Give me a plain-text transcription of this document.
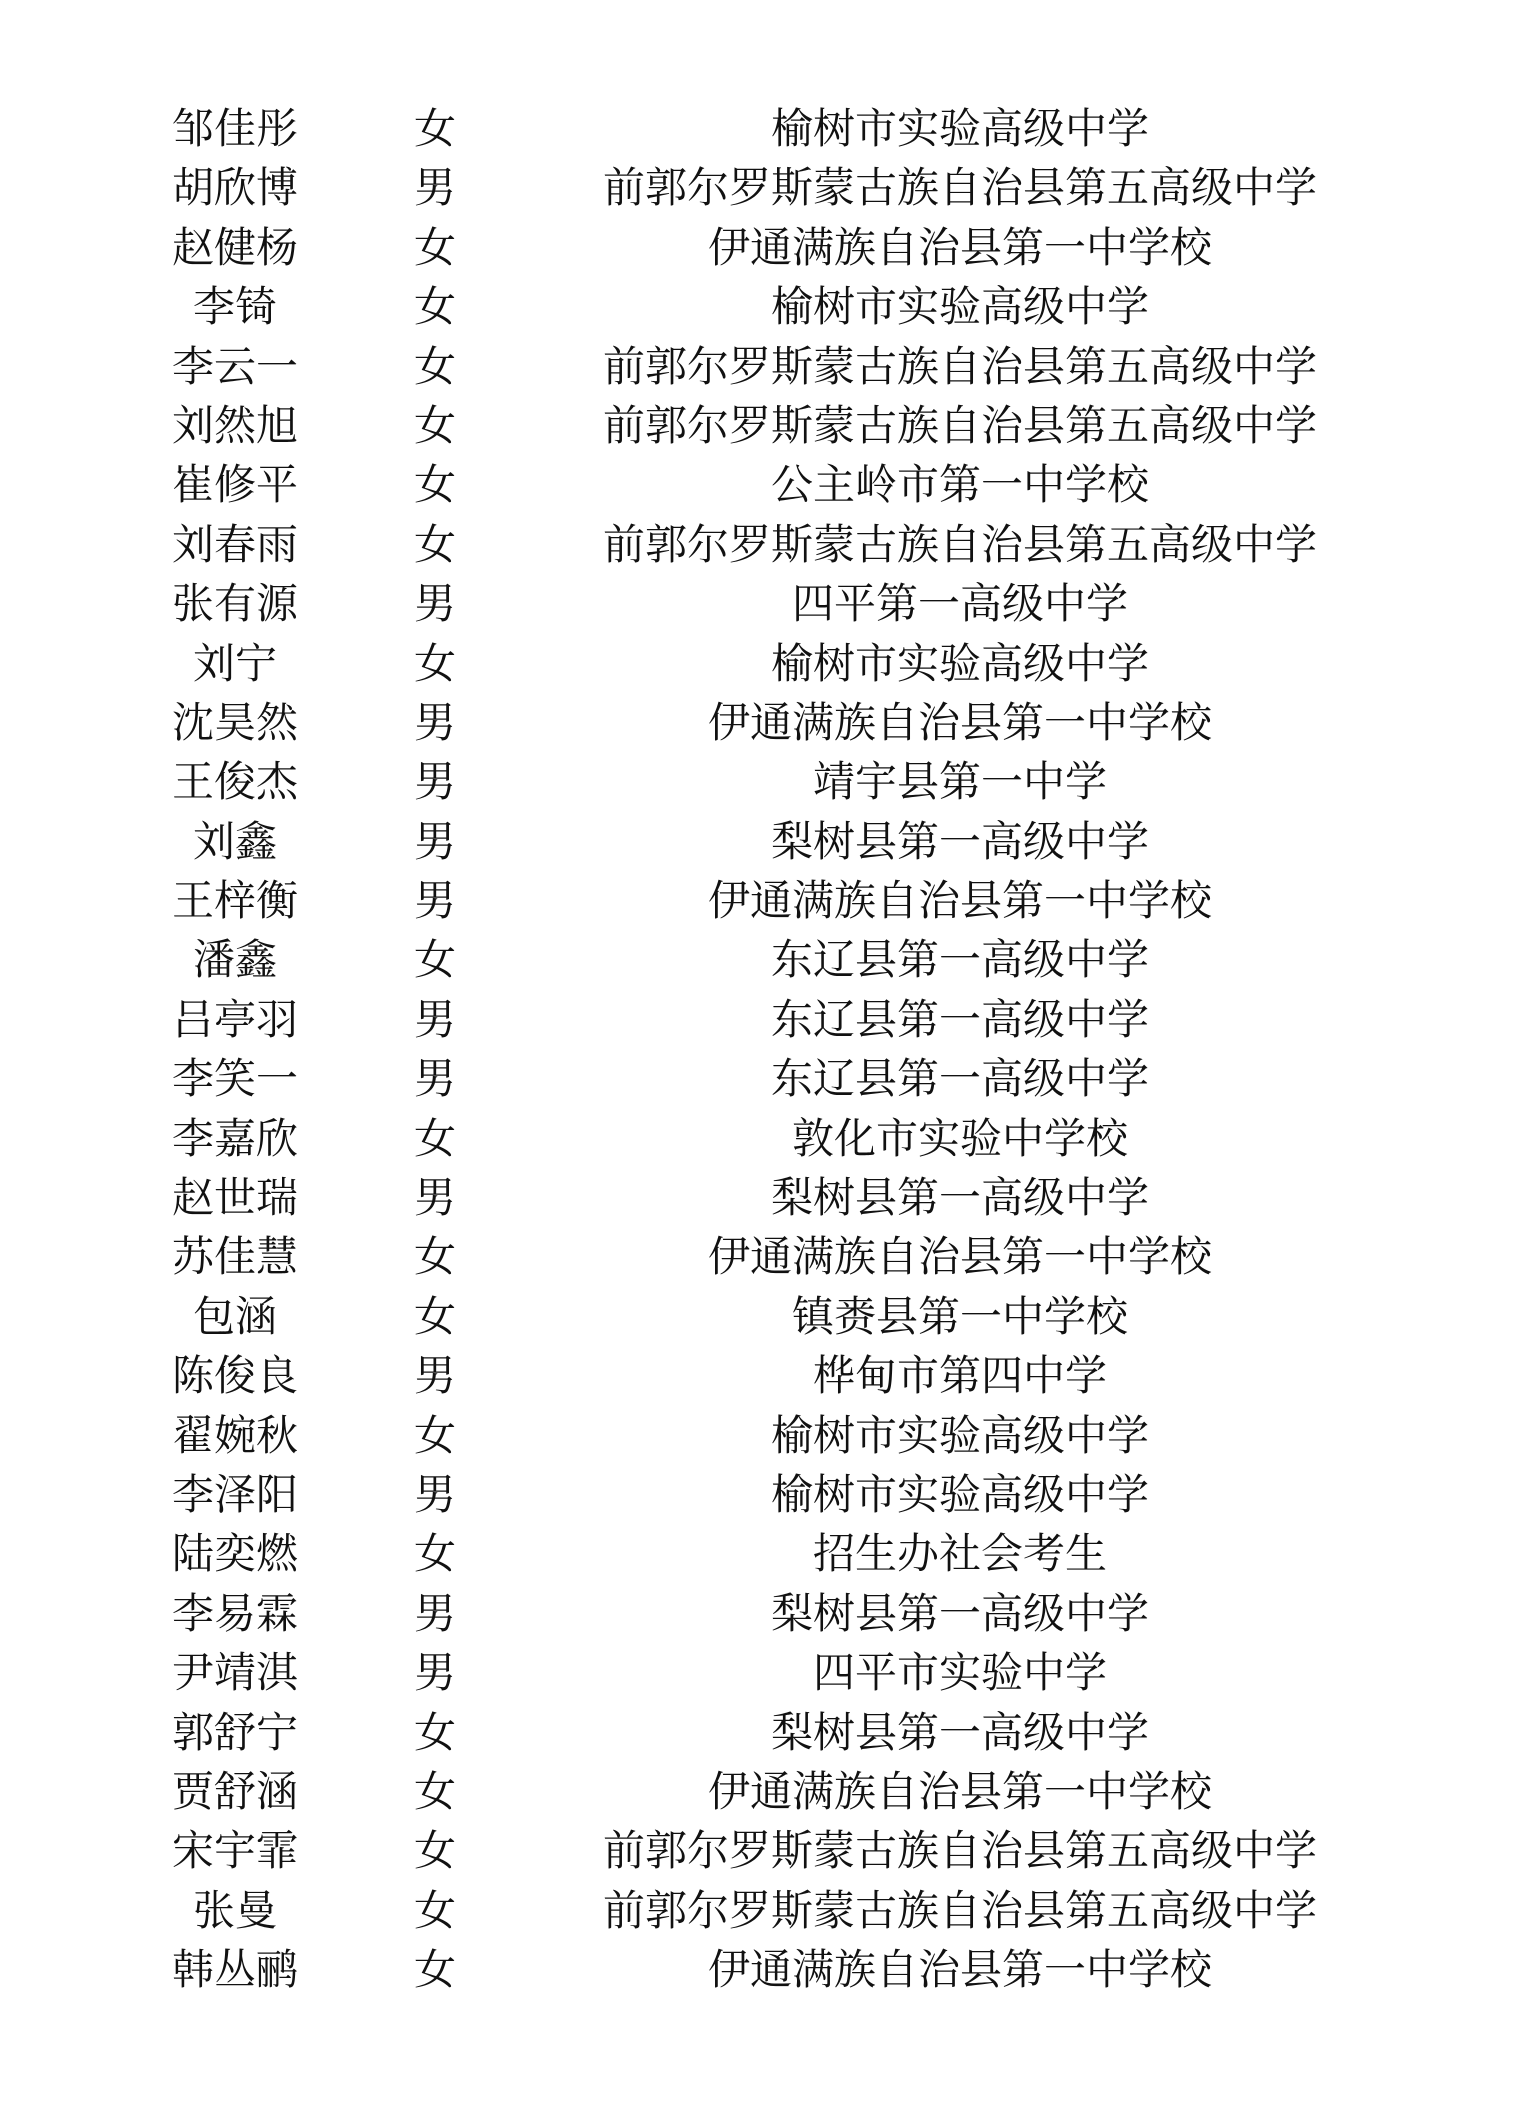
邹佳彤	女	榆树市实验高级中学
胡欣博	男	前郭尔罗斯蒙古族自治县第五高级中学
赵健杨	女	伊通满族自治县第一中学校
李锜	女	榆树市实验高级中学
李云一	女	前郭尔罗斯蒙古族自治县第五高级中学
刘然旭	女	前郭尔罗斯蒙古族自治县第五高级中学
崔修平	女	公主岭市第一中学校
刘春雨	女	前郭尔罗斯蒙古族自治县第五高级中学
张有源	男	四平第一高级中学
刘宁	女	榆树市实验高级中学
沈昊然	男	伊通满族自治县第一中学校
王俊杰	男	靖宇县第一中学
刘鑫	男	梨树县第一高级中学
王梓衡	男	伊通满族自治县第一中学校
潘鑫	女	东辽县第一高级中学
吕亭羽	男	东辽县第一高级中学
李笑一	男	东辽县第一高级中学
李嘉欣	女	敦化市实验中学校
赵世瑞	男	梨树县第一高级中学
苏佳慧	女	伊通满族自治县第一中学校
包涵	女	镇赉县第一中学校
陈俊良	男	桦甸市第四中学
翟婉秋	女	榆树市实验高级中学
李泽阳	男	榆树市实验高级中学
陆奕燃	女	招生办社会考生
李易霖	男	梨树县第一高级中学
尹靖淇	男	四平市实验中学
郭舒宁	女	梨树县第一高级中学
贾舒涵	女	伊通满族自治县第一中学校
宋宇霏	女	前郭尔罗斯蒙古族自治县第五高级中学
张曼	女	前郭尔罗斯蒙古族自治县第五高级中学
韩丛鹂	女	伊通满族自治县第一中学校
